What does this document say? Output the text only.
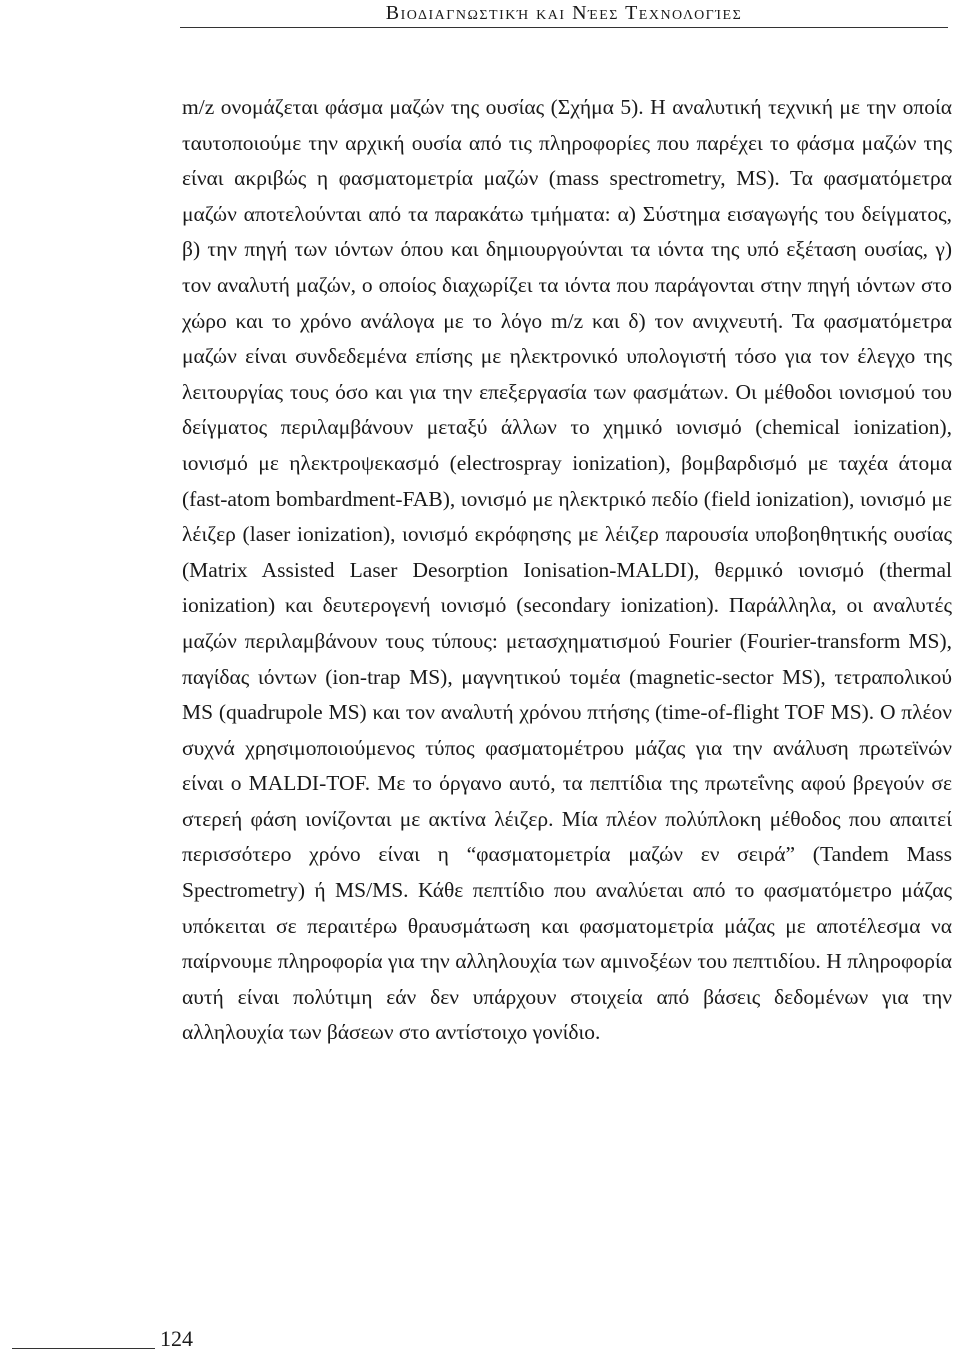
Βιοδιαγνωστική και Νέες Τεχνολογίες

m/z ονομάζεται φάσμα μαζών της ουσίας (Σχήμα 5). Η αναλυτική τεχνική με την οποία ταυτοποιούμε την αρχική ουσία από τις πληροφορίες που παρέχει το φάσμα μαζών της είναι ακριβώς η φασματομετρία μαζών (mass spectrometry, MS). Τα φασματόμετρα μαζών αποτελούνται από τα παρακάτω τμήματα: α) Σύστημα εισαγωγής του δείγματος, β) την πηγή των ιόντων όπου και δημιουργούνται τα ιόντα της υπό εξέταση ουσίας, γ) τον αναλυτή μαζών, ο οποίος διαχωρίζει τα ιόντα που παράγονται στην πηγή ιόντων στο χώρο και το χρόνο ανάλογα με το λόγο m/z και δ) τον ανιχνευτή. Τα φασματόμετρα μαζών είναι συνδεδεμένα επίσης με ηλεκτρονικό υπολογιστή τόσο για τον έλεγχο της λειτουργίας τους όσο και για την επεξεργασία των φασμάτων. Οι μέθοδοι ιονισμού του δείγματος περιλαμβάνουν μεταξύ άλλων το χημικό ιονισμό (chemical ionization), ιονισμό με ηλεκτροψεκασμό (electrospray ionization), βομβαρδισμό με ταχέα άτομα (fast-atom bombardment-FAB), ιονισμό με ηλεκτρικό πεδίο (field ionization), ιονισμό με λέιζερ (laser ionization), ιονισμό εκρόφησης με λέιζερ παρουσία υποβοηθητικής ουσίας (Matrix Assisted Laser Desorption Ionisation-MALDI), θερμικό ιονισμό (thermal ionization) και δευτερογενή ιονισμό (secondary ionization). Παράλληλα, οι αναλυτές μαζών περιλαμβάνουν τους τύπους: μετασχηματισμού Fourier (Fourier-transform MS), παγίδας ιόντων (ion-trap MS), μαγνητικού τομέα (magnetic-sector MS), τετραπολικού MS (quadrupole MS) και τον αναλυτή χρόνου πτήσης (time-of-flight TOF MS). Ο πλέον συχνά χρησιμοποιούμενος τύπος φασματομέτρου μάζας για την ανάλυση πρωτεϊνών είναι ο MALDI-TOF. Με το όργανο αυτό, τα πεπτίδια της πρωτεΐνης αφού βρεγούν σε στερεή φάση ιονίζονται με ακτίνα λέιζερ. Μία πλέον πολύπλοκη μέθοδος που απαιτεί περισσότερο χρόνο είναι η “φασματομετρία μαζών εν σειρά” (Tandem Mass Spectrometry) ή MS/MS. Κάθε πεπτίδιο που αναλύεται από το φασματόμετρο μάζας υπόκειται σε περαιτέρω θραυσμάτωση και φασματομετρία μάζας με αποτέλεσμα να παίρνουμε πληροφορία για την αλληλουχία των αμινοξέων του πεπτιδίου. Η πληροφορία αυτή είναι πολύτιμη εάν δεν υπάρχουν στοιχεία από βάσεις δεδομένων για την αλληλουχία των βάσεων στο αντίστοιχο γονίδιο.

124
